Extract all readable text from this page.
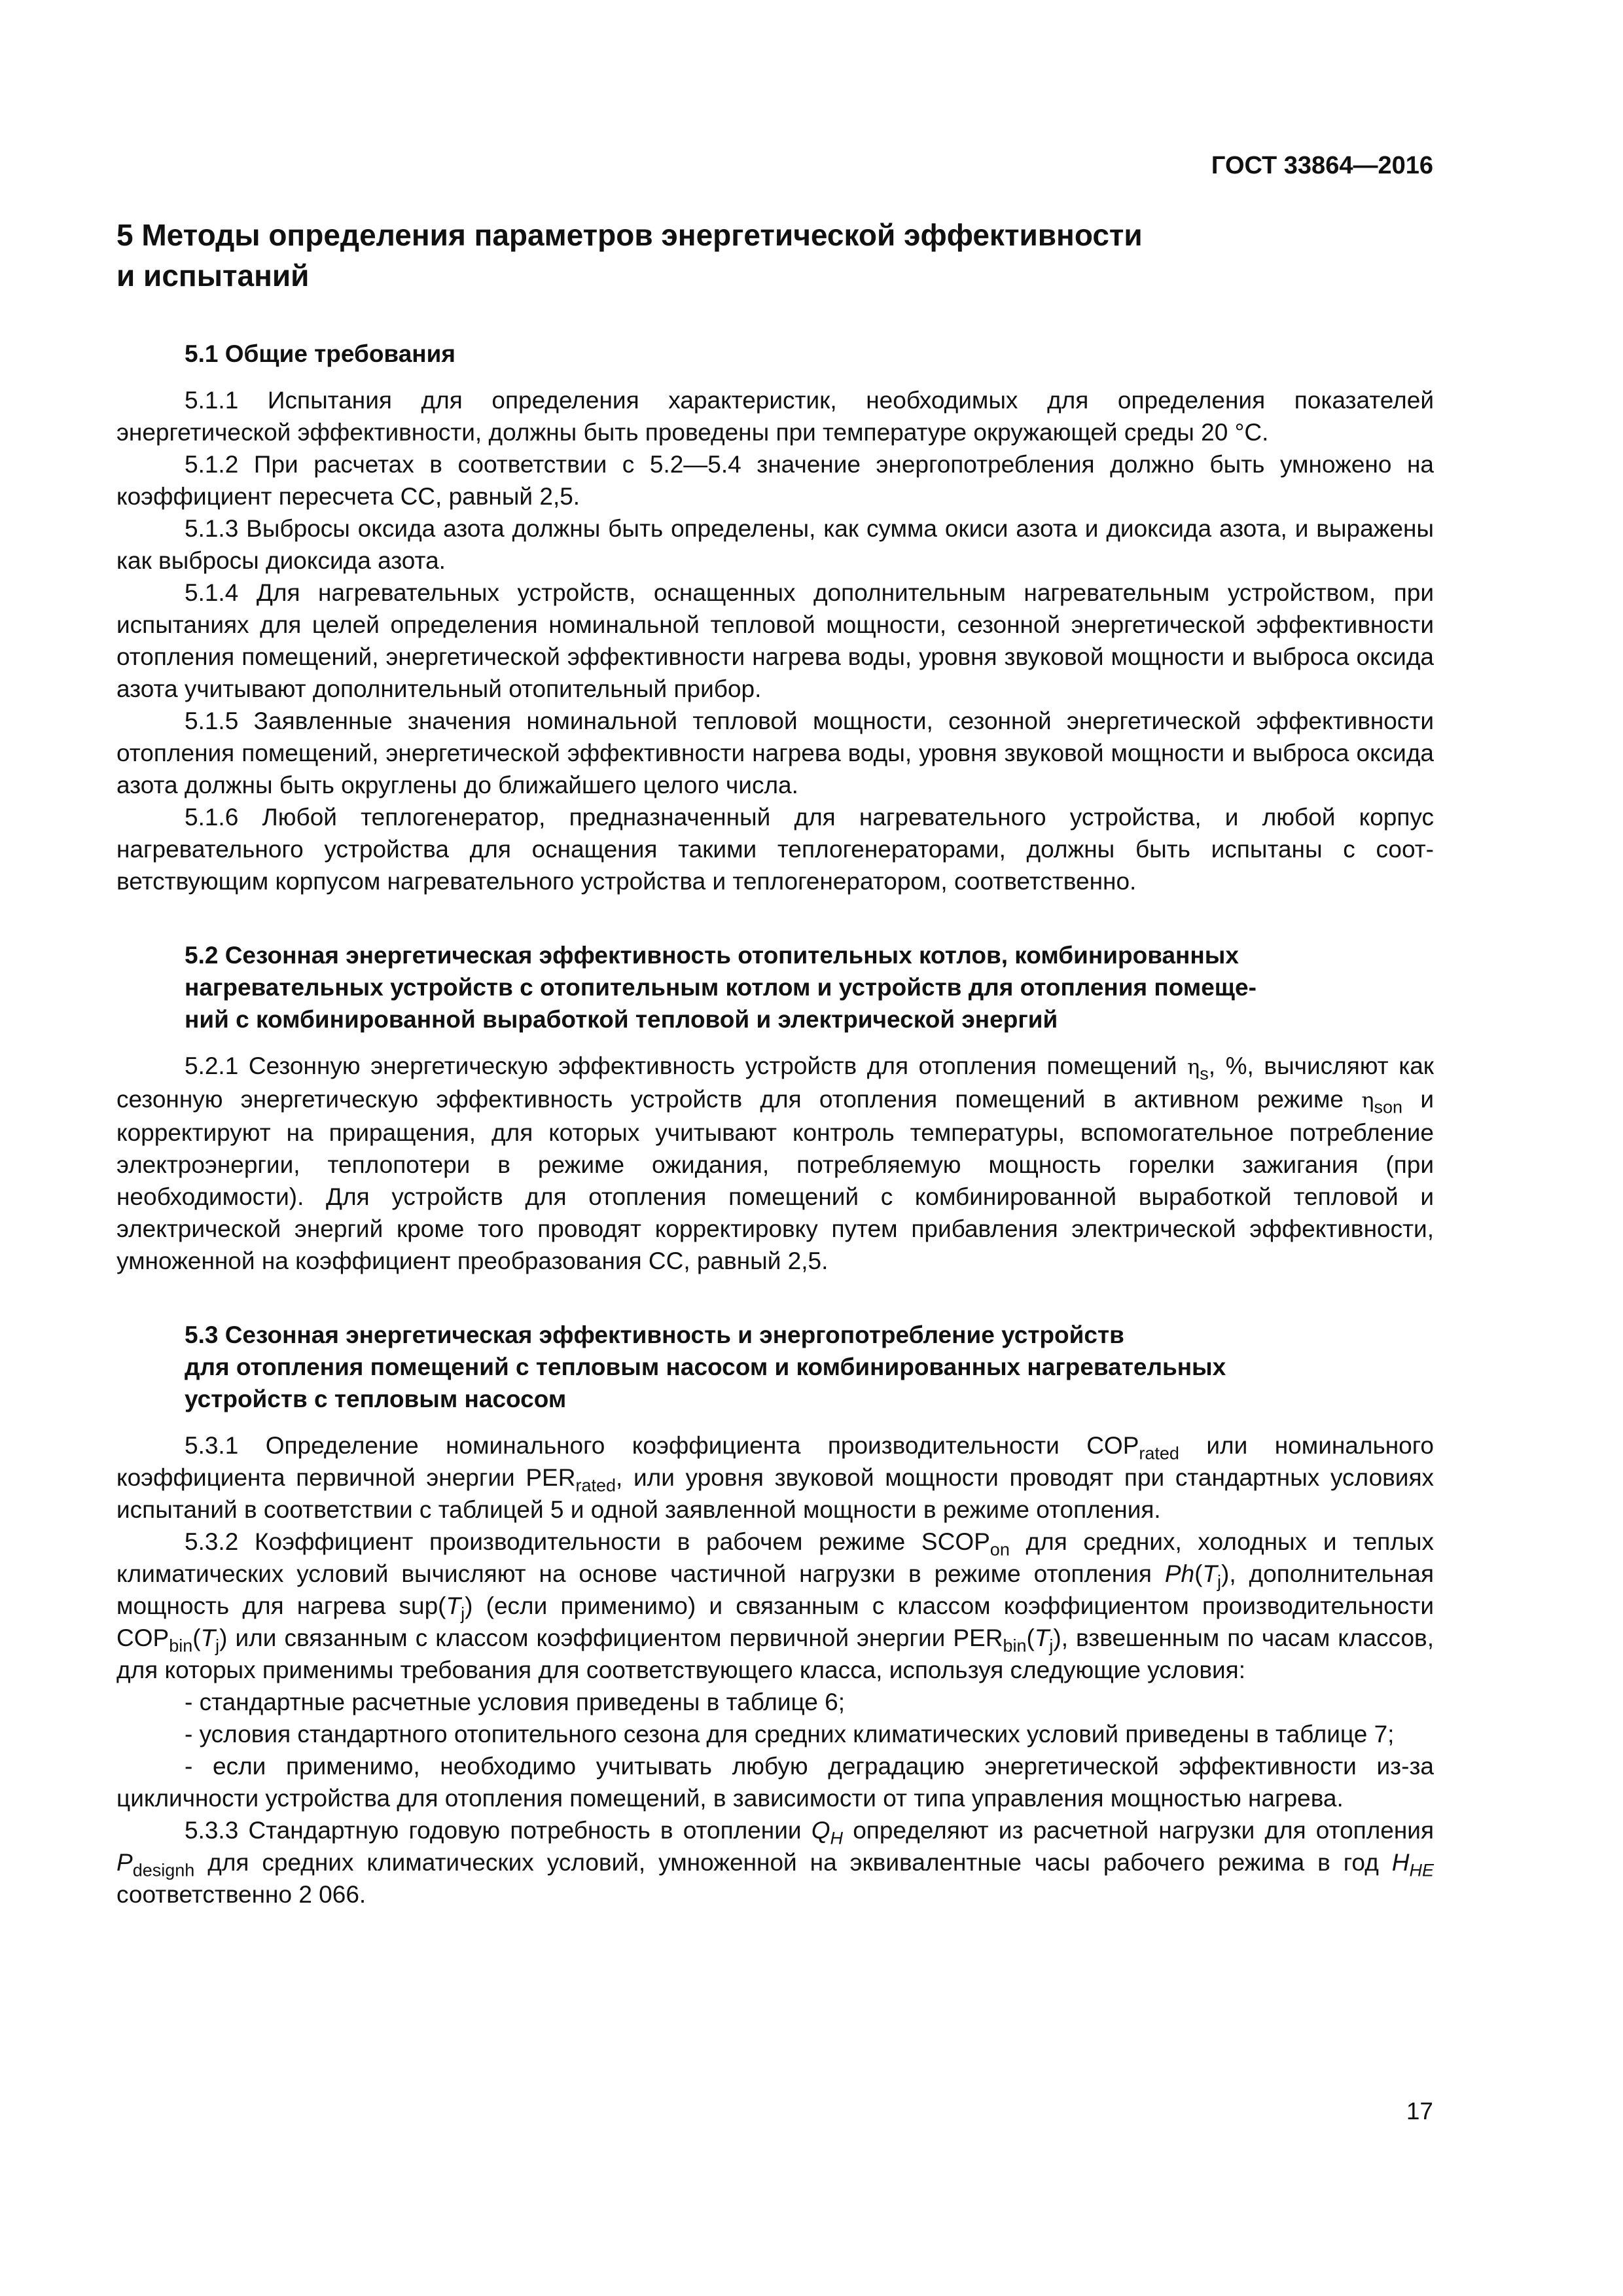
ГОСТ 33864—2016
5 Методы определения параметров энергетической эффективности
и испытаний
5.1 Общие требования

5.1.1 Испытания для определения характеристик, необходимых для определения показателей энергетической эффективности, должны быть проведены при температуре окружающей среды 20 °С.

5.1.2 При расчетах в соответствии с 5.2—5.4 значение энергопотребления должно быть умножено на коэффициент пересчета СС, равный 2,5.

5.1.3 Выбросы оксида азота должны быть определены, как сумма окиси азота и диоксида азота, и выражены как выбросы диоксида азота.

5.1.4 Для нагревательных устройств, оснащенных дополнительным нагревательным устройством, при испытаниях для целей определения номинальной тепловой мощности, сезонной энергетической эффективности отопления помещений, энергетической эффективности нагрева воды, уровня звуковой мощности и выброса оксида азота учитывают дополнительный отопительный прибор.

5.1.5 Заявленные значения номинальной тепловой мощности, сезонной энергетической эффективности отопления помещений, энергетической эффективности нагрева воды, уровня звуковой мощности и выброса оксида азота должны быть округлены до ближайшего целого числа.

5.1.6 Любой теплогенератор, предназначенный для нагревательного устройства, и любой корпус нагревательного устройства для оснащения такими теплогенераторами, должны быть испытаны с соответствующим корпусом нагревательного устройства и теплогенератором, соответственно.

5.2 Сезонная энергетическая эффективность отопительных котлов, комбинированных
нагревательных устройств с отопительным котлом и устройств для отопления помеще-
ний с комбинированной выработкой тепловой и электрической энергий

5.2.1 Сезонную энергетическую эффективность устройств для отопления помещений $\eta_s$, %, вычисляют как сезонную энергетическую эффективность устройств для отопления помещений в активном режиме $\eta_{son}$ и корректируют на приращения, для которых учитывают контроль температуры, вспомогательное потребление электроэнергии, теплопотери в режиме ожидания, потребляемую мощность горелки зажигания (при необходимости). Для устройств для отопления помещений с комбинированной выработкой тепловой и электрической энергий кроме того проводят корректировку путем прибавления электрической эффективности, умноженной на коэффициент преобразования СС, равный 2,5.

5.3 Сезонная энергетическая эффективность и энергопотребление устройств
для отопления помещений с тепловым насосом и комбинированных нагревательных
устройств с тепловым насосом

5.3.1 Определение номинального коэффициента производительности $COP_{rated}$ или номинального коэффициента первичной энергии $PER_{rated}$, или уровня звуковой мощности проводят при стандартных условиях испытаний в соответствии с таблицей 5 и одной заявленной мощности в режиме отопления.

5.3.2 Коэффициент производительности в рабочем режиме $SCOP_{on}$ для средних, холодных и теплых климатических условий вычисляют на основе частичной нагрузки в режиме отопления $Ph(T_j)$, дополнительная мощность для нагрева $sup(T_j)$ (если применимо) и связанным с классом коэффициентом производительности $COP_{bin}(T_j)$ или связанным с классом коэффициентом первичной энергии $PER_{bin}(T_j)$, взвешенным по часам классов, для которых применимы требования для соответствующего класса, используя следующие условия:

- стандартные расчетные условия приведены в таблице 6;

- условия стандартного отопительного сезона для средних климатических условий приведены в таблице 7;

- если применимо, необходимо учитывать любую деградацию энергетической эффективности из-за цикличности устройства для отопления помещений, в зависимости от типа управления мощностью нагрева.

5.3.3 Стандартную годовую потребность в отоплении $Q_H$ определяют из расчетной нагрузки для отопления $P_{designh}$ для средних климатических условий, умноженной на эквивалентные часы рабочего режима в год $H_{HE}$ соответственно 2 066.

17
